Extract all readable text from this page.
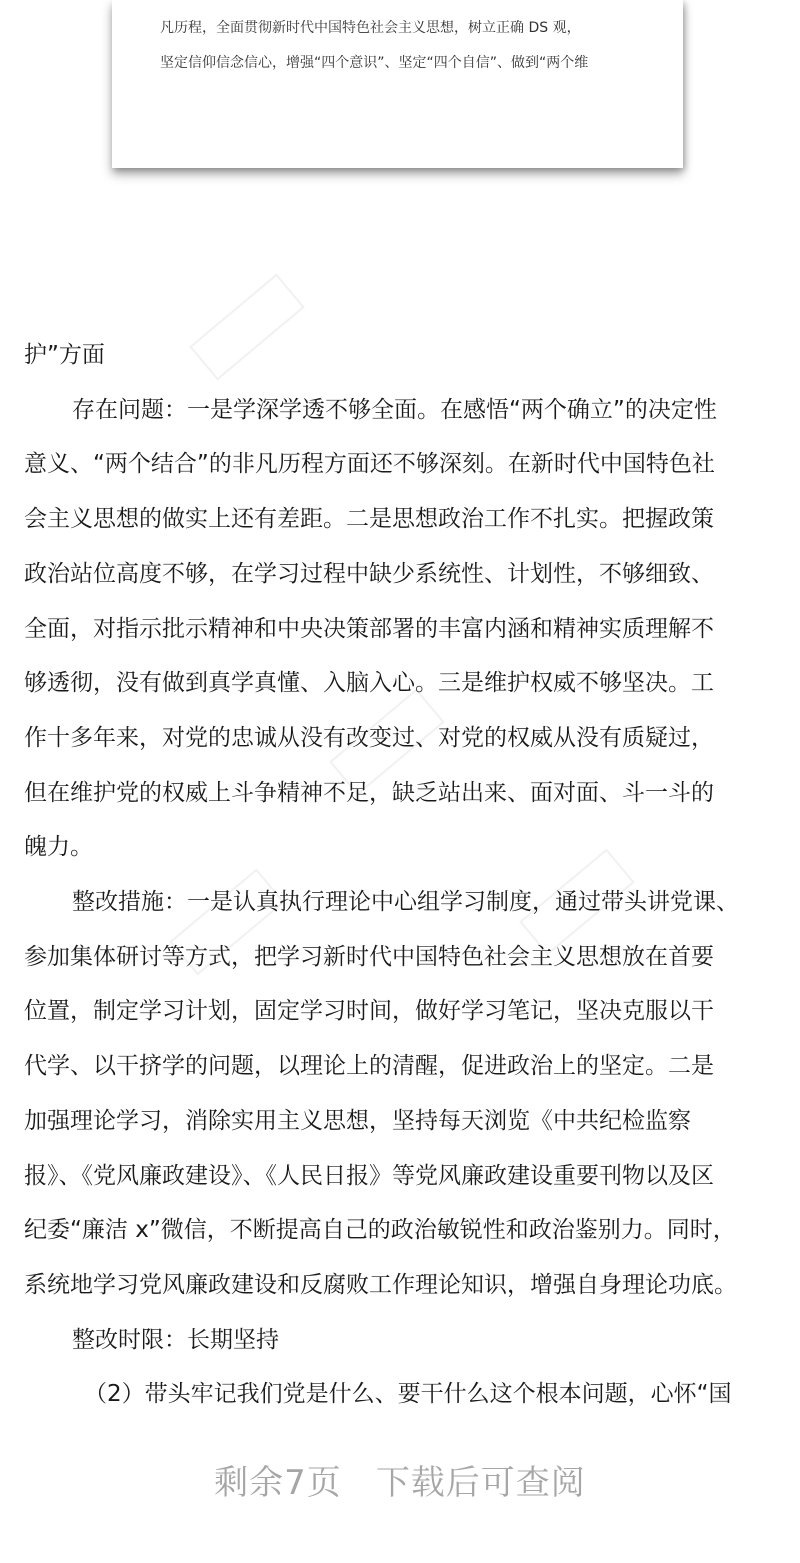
凡历程，全面贯彻新时代中国特色社会主义思想，树立正确 DS 观，
坚定信仰信念信心，增强“四个意识”、坚定“四个自信”、做到“两个维

护”方面

存在问题：一是学深学透不够全面。在感悟“两个确立”的决定性

意义、“两个结合”的非凡历程方面还不够深刻。在新时代中国特色社

会主义思想的做实上还有差距。二是思想政治工作不扎实。把握政策

政治站位高度不够，在学习过程中缺少系统性、计划性，不够细致、

全面，对指示批示精神和中央决策部署的丰富内涵和精神实质理解不

够透彻，没有做到真学真懂、入脑入心。三是维护权威不够坚决。工

作十多年来，对党的忠诚从没有改变过、对党的权威从没有质疑过，

但在维护党的权威上斗争精神不足，缺乏站出来、面对面、斗一斗的

魄力。

整改措施：一是认真执行理论中心组学习制度，通过带头讲党课、

参加集体研讨等方式，把学习新时代中国特色社会主义思想放在首要

位置，制定学习计划，固定学习时间，做好学习笔记，坚决克服以干

代学、以干挤学的问题，以理论上的清醒，促进政治上的坚定。二是

加强理论学习，消除实用主义思想，坚持每天浏览《中共纪检监察

报》、《党风廉政建设》、《人民日报》等党风廉政建设重要刊物以及区

纪委“廉洁 x”微信，不断提高自己的政治敏锐性和政治鉴别力。同时，

系统地学习党风廉政建设和反腐败工作理论知识，增强自身理论功底。

整改时限：长期坚持

（2）带头牢记我们党是什么、要干什么这个根本问题，心怀“国

剩余7页 下载后可查阅
